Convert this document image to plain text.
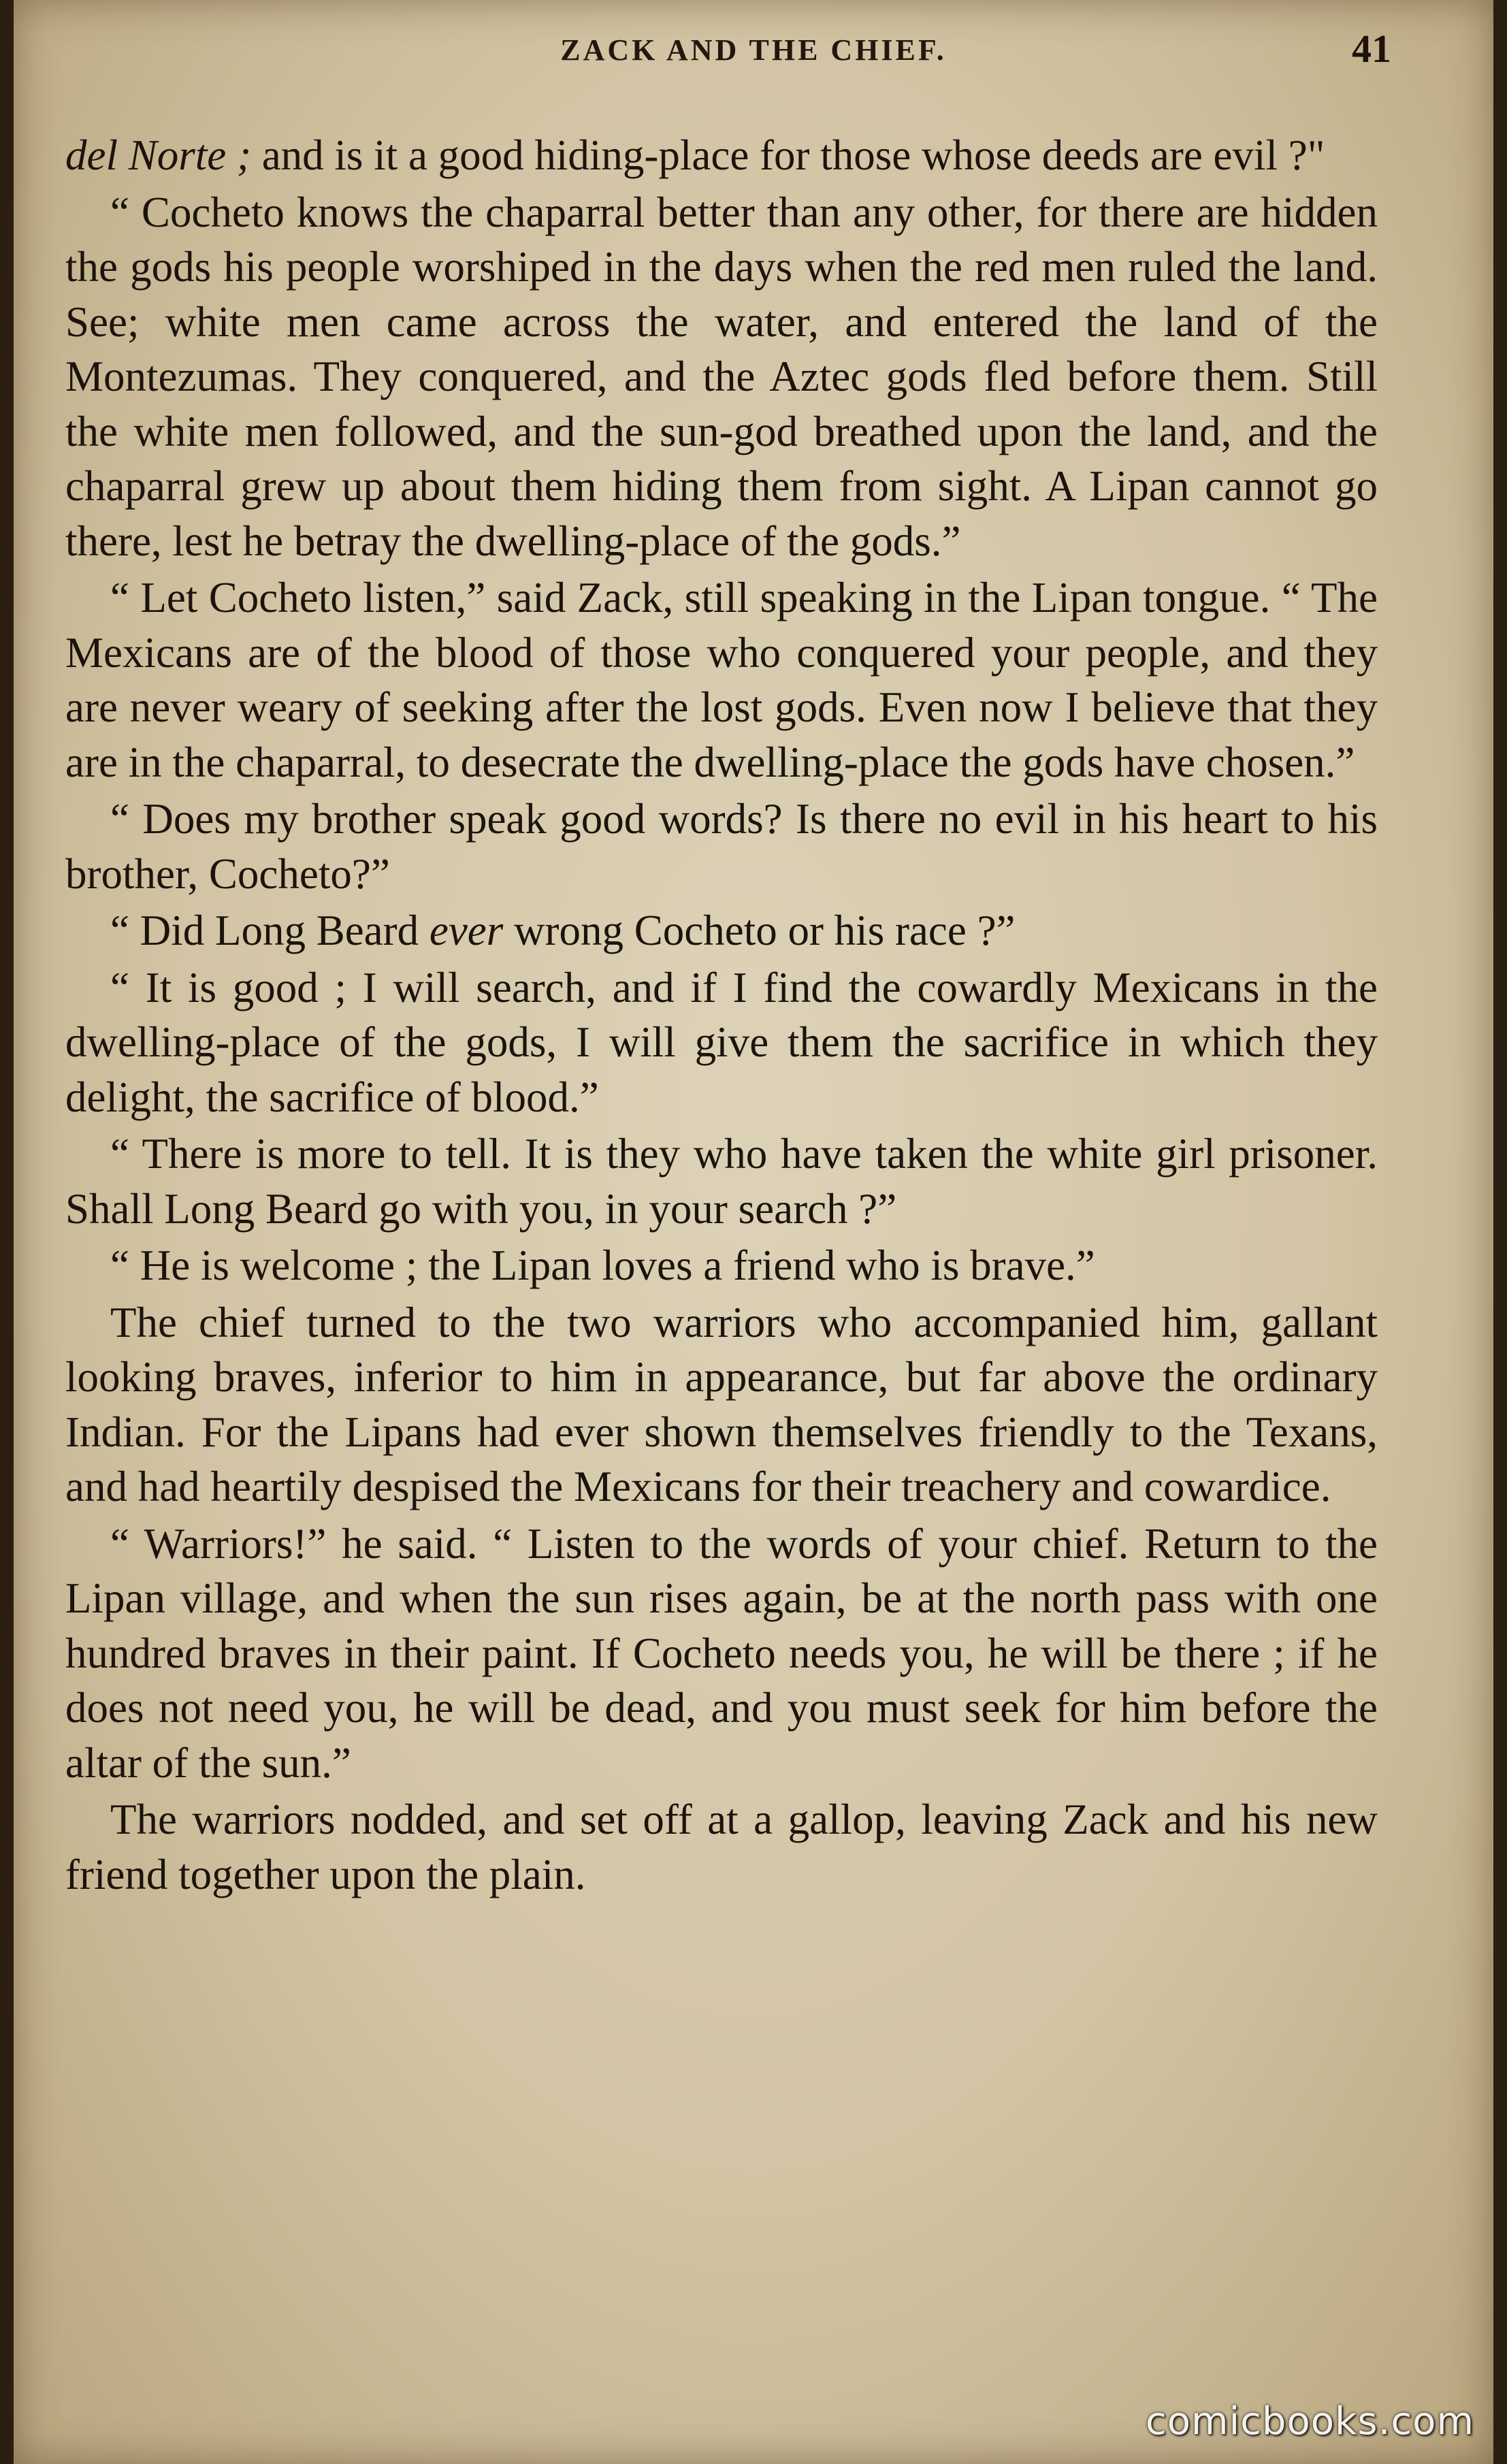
ZACK AND THE CHIEF.	41

del Norte ; and is it a good hiding-place for those whose deeds are evil ?"

“ Cocheto knows the chaparral better than any other, for there are hidden the gods his people worshiped in the days when the red men ruled the land. See; white men came across the water, and entered the land of the Montezumas. They conquered, and the Aztec gods fled before them. Still the white men followed, and the sun-god breathed upon the land, and the chaparral grew up about them hiding them from sight. A Lipan cannot go there, lest he betray the dwelling-place of the gods.”

“ Let Cocheto listen,” said Zack, still speaking in the Lipan tongue. “ The Mexicans are of the blood of those who conquered your people, and they are never weary of seeking after the lost gods. Even now I believe that they are in the chaparral, to desecrate the dwelling-place the gods have chosen.”

“ Does my brother speak good words? Is there no evil in his heart to his brother, Cocheto?”

“ Did Long Beard ever wrong Cocheto or his race ?”

“ It is good ; I will search, and if I find the cowardly Mexicans in the dwelling-place of the gods, I will give them the sacrifice in which they delight, the sacrifice of blood.”

“ There is more to tell. It is they who have taken the white girl prisoner. Shall Long Beard go with you, in your search ?”

“ He is welcome ; the Lipan loves a friend who is brave.”

The chief turned to the two warriors who accompanied him, gallant looking braves, inferior to him in appearance, but far above the ordinary Indian. For the Lipans had ever shown themselves friendly to the Texans, and had heartily despised the Mexicans for their treachery and cowardice.

“ Warriors!” he said. “ Listen to the words of your chief. Return to the Lipan village, and when the sun rises again, be at the north pass with one hundred braves in their paint. If Cocheto needs you, he will be there ; if he does not need you, he will be dead, and you must seek for him before the altar of the sun.”

The warriors nodded, and set off at a gallop, leaving Zack and his new friend together upon the plain.

comicbooks.com
